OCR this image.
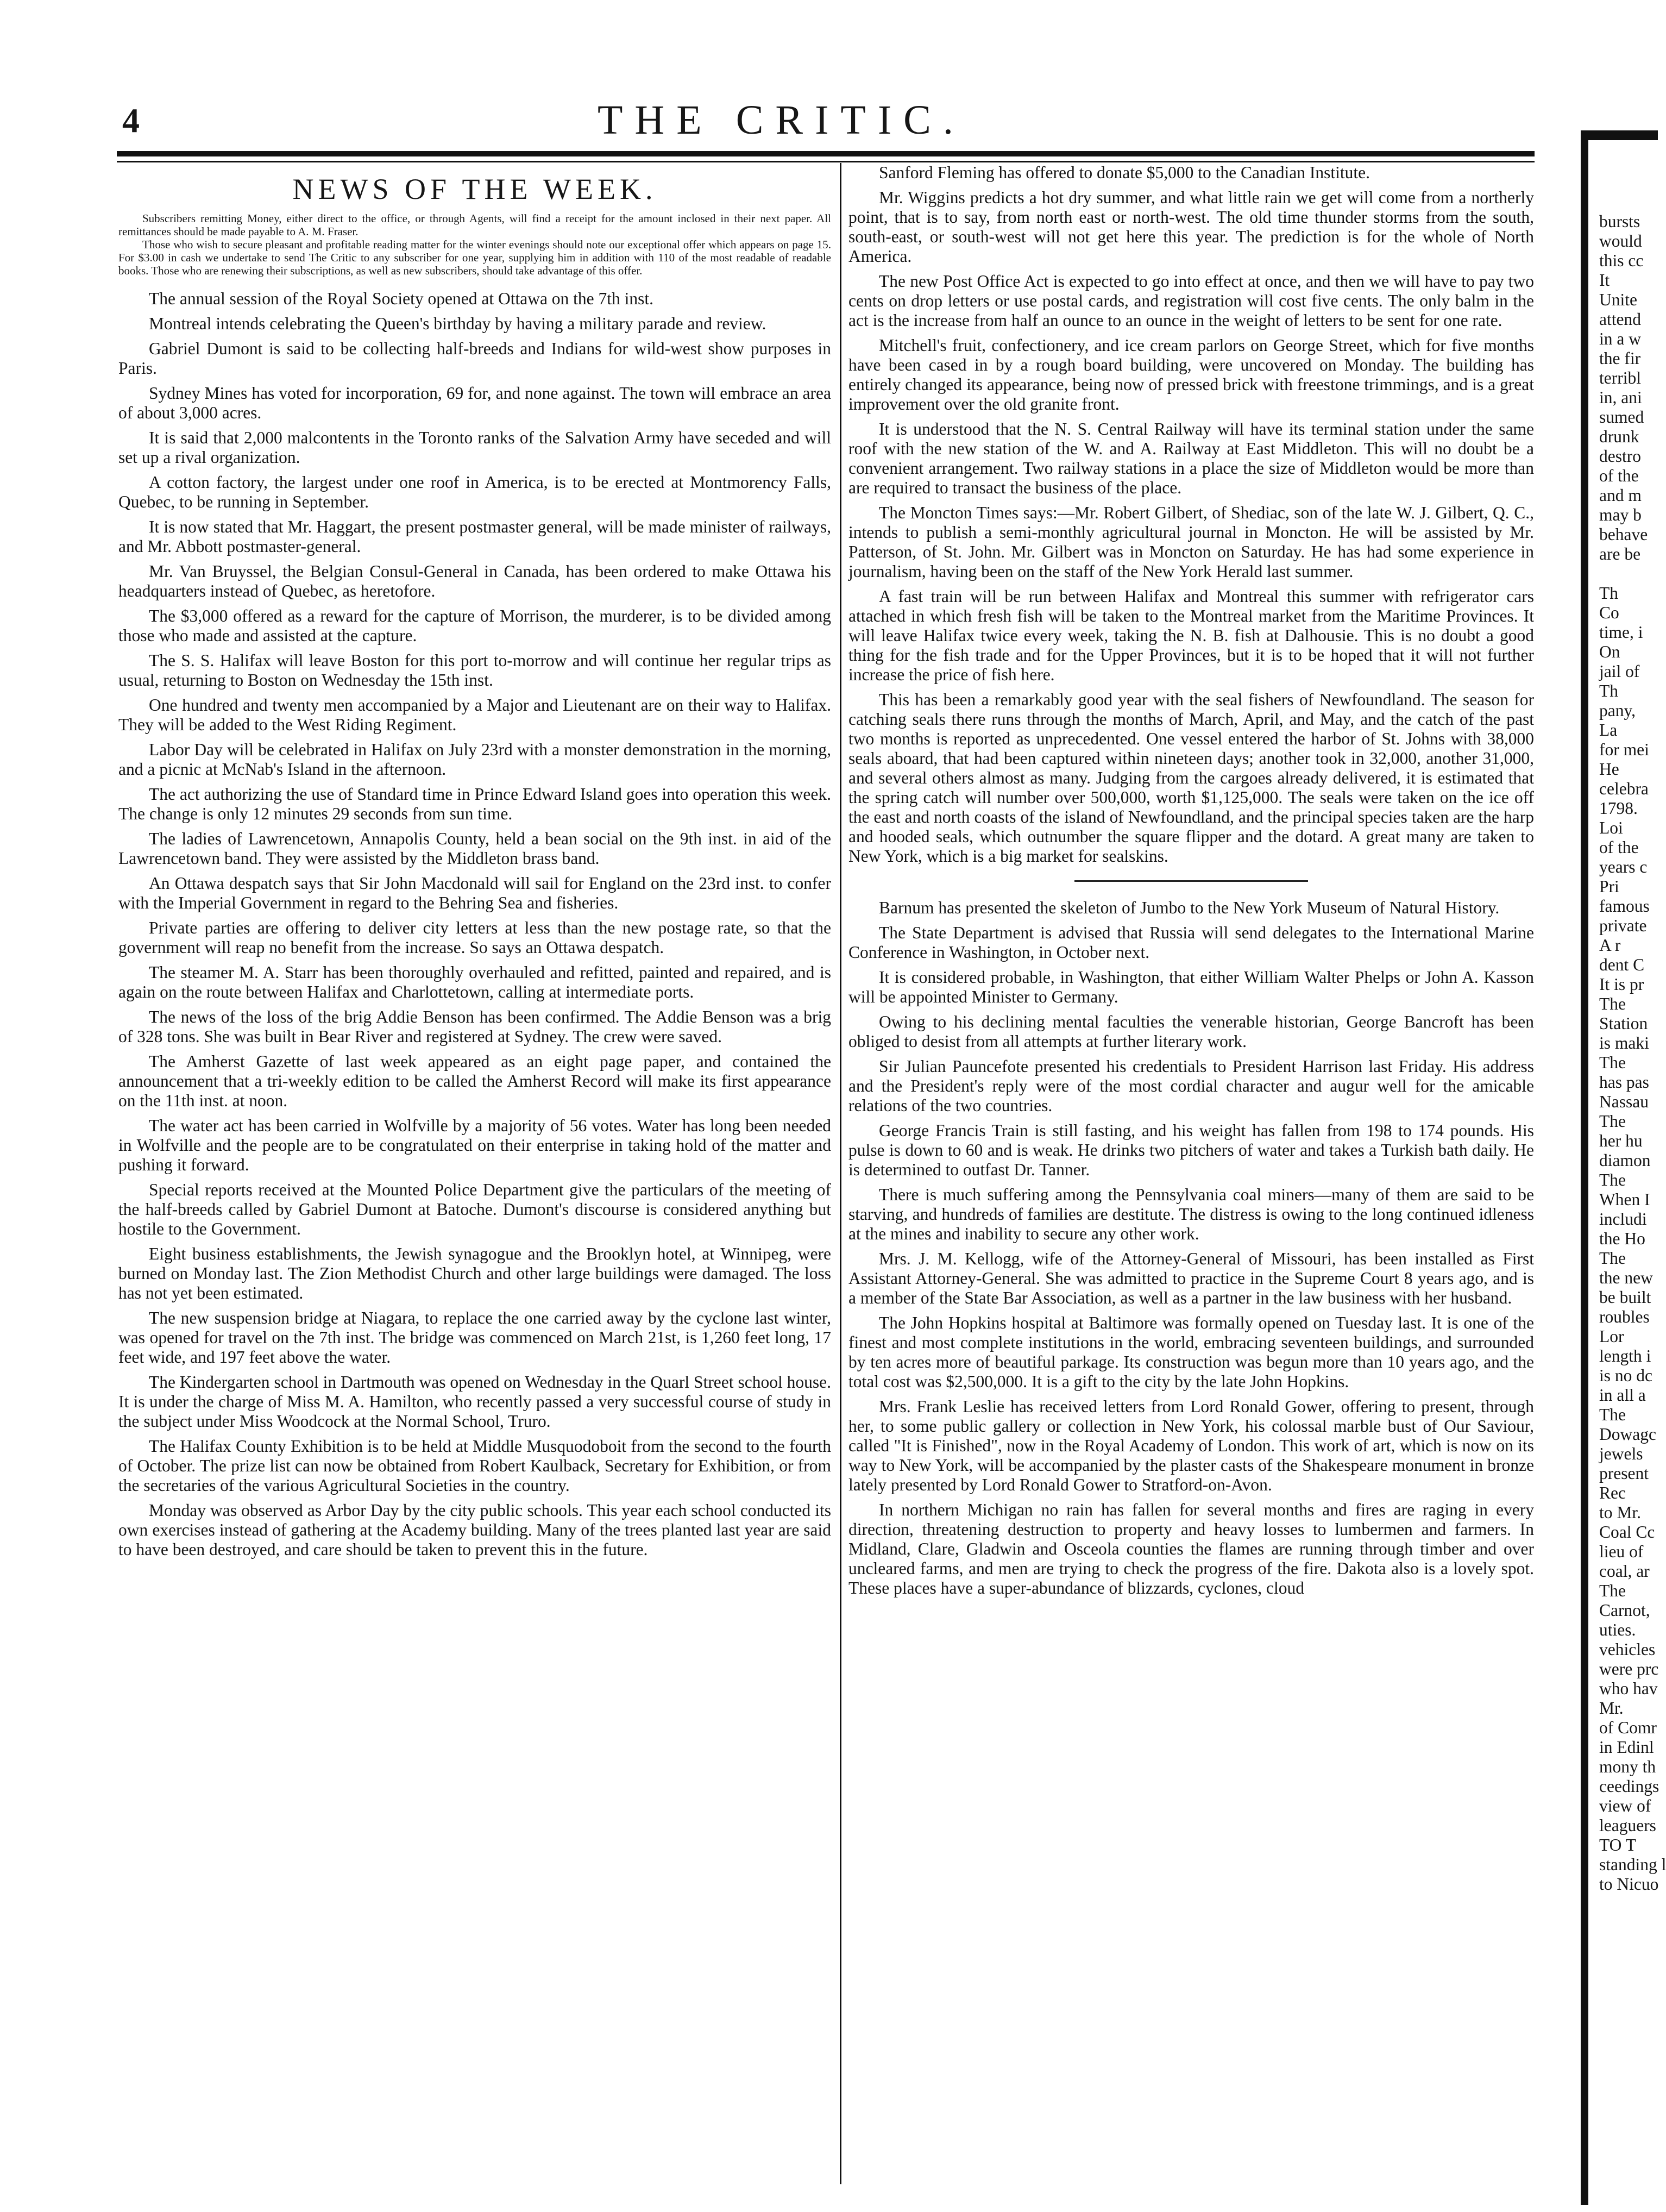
4	THE CRITIC.
NEWS OF THE WEEK.
Subscribers remitting Money, either direct to the office, or through Agents, will find a receipt for the amount inclosed in their next paper. All remittances should be made payable to A. M. Fraser.
Those who wish to secure pleasant and profitable reading matter for the winter evenings should note our exceptional offer which appears on page 15. For $3.00 in cash we undertake to send The Critic to any subscriber for one year, supplying him in addition with 110 of the most readable of readable books. Those who are renewing their subscriptions, as well as new subscribers, should take advantage of this offer.

The annual session of the Royal Society opened at Ottawa on the 7th inst.

Montreal intends celebrating the Queen's birthday by having a military parade and review.

Gabriel Dumont is said to be collecting half-breeds and Indians for wild-west show purposes in Paris.

Sydney Mines has voted for incorporation, 69 for, and none against. The town will embrace an area of about 3,000 acres.

It is said that 2,000 malcontents in the Toronto ranks of the Salvation Army have seceded and will set up a rival organization.

A cotton factory, the largest under one roof in America, is to be erected at Montmorency Falls, Quebec, to be running in September.

It is now stated that Mr. Haggart, the present postmaster general, will be made minister of railways, and Mr. Abbott postmaster-general.

Mr. Van Bruyssel, the Belgian Consul-General in Canada, has been ordered to make Ottawa his headquarters instead of Quebec, as heretofore.

The $3,000 offered as a reward for the capture of Morrison, the murderer, is to be divided among those who made and assisted at the capture.

The S. S. Halifax will leave Boston for this port to-morrow and will continue her regular trips as usual, returning to Boston on Wednesday the 15th inst.

One hundred and twenty men accompanied by a Major and Lieutenant are on their way to Halifax. They will be added to the West Riding Regiment.

Labor Day will be celebrated in Halifax on July 23rd with a monster demonstration in the morning, and a picnic at McNab's Island in the afternoon.

The act authorizing the use of Standard time in Prince Edward Island goes into operation this week. The change is only 12 minutes 29 seconds from sun time.

The ladies of Lawrencetown, Annapolis County, held a bean social on the 9th inst. in aid of the Lawrencetown band. They were assisted by the Middleton brass band.

An Ottawa despatch says that Sir John Macdonald will sail for England on the 23rd inst. to confer with the Imperial Government in regard to the Behring Sea and fisheries.

Private parties are offering to deliver city letters at less than the new postage rate, so that the government will reap no benefit from the increase. So says an Ottawa despatch.

The steamer M. A. Starr has been thoroughly overhauled and refitted, painted and repaired, and is again on the route between Halifax and Charlottetown, calling at intermediate ports.

The news of the loss of the brig Addie Benson has been confirmed. The Addie Benson was a brig of 328 tons. She was built in Bear River and registered at Sydney. The crew were saved.

The Amherst Gazette of last week appeared as an eight page paper, and contained the announcement that a tri-weekly edition to be called the Amherst Record will make its first appearance on the 11th inst. at noon.

The water act has been carried in Wolfville by a majority of 56 votes. Water has long been needed in Wolfville and the people are to be congratulated on their enterprise in taking hold of the matter and pushing it forward.

Special reports received at the Mounted Police Department give the particulars of the meeting of the half-breeds called by Gabriel Dumont at Batoche. Dumont's discourse is considered anything but hostile to the Government.

Eight business establishments, the Jewish synagogue and the Brooklyn hotel, at Winnipeg, were burned on Monday last. The Zion Methodist Church and other large buildings were damaged. The loss has not yet been estimated.

The new suspension bridge at Niagara, to replace the one carried away by the cyclone last winter, was opened for travel on the 7th inst. The bridge was commenced on March 21st, is 1,260 feet long, 17 feet wide, and 197 feet above the water.

The Kindergarten school in Dartmouth was opened on Wednesday in the Quarl Street school house. It is under the charge of Miss M. A. Hamilton, who recently passed a very successful course of study in the subject under Miss Woodcock at the Normal School, Truro.

The Halifax County Exhibition is to be held at Middle Musquodoboit from the second to the fourth of October. The prize list can now be obtained from Robert Kaulback, Secretary for Exhibition, or from the secretaries of the various Agricultural Societies in the country.

Monday was observed as Arbor Day by the city public schools. This year each school conducted its own exercises instead of gathering at the Academy building. Many of the trees planted last year are said to have been destroyed, and care should be taken to prevent this in the future.

Sanford Fleming has offered to donate $5,000 to the Canadian Institute.

Mr. Wiggins predicts a hot dry summer, and what little rain we get will come from a northerly point, that is to say, from north east or north-west. The old time thunder storms from the south, south-east, or south-west will not get here this year. The prediction is for the whole of North America.

The new Post Office Act is expected to go into effect at once, and then we will have to pay two cents on drop letters or use postal cards, and registration will cost five cents. The only balm in the act is the increase from half an ounce to an ounce in the weight of letters to be sent for one rate.

Mitchell's fruit, confectionery, and ice cream parlors on George Street, which for five months have been cased in by a rough board building, were uncovered on Monday. The building has entirely changed its appearance, being now of pressed brick with freestone trimmings, and is a great improvement over the old granite front.

It is understood that the N. S. Central Railway will have its terminal station under the same roof with the new station of the W. and A. Railway at East Middleton. This will no doubt be a convenient arrangement. Two railway stations in a place the size of Middleton would be more than are required to transact the business of the place.

The Moncton Times says:—Mr. Robert Gilbert, of Shediac, son of the late W. J. Gilbert, Q. C., intends to publish a semi-monthly agricultural journal in Moncton. He will be assisted by Mr. Patterson, of St. John. Mr. Gilbert was in Moncton on Saturday. He has had some experience in journalism, having been on the staff of the New York Herald last summer.

A fast train will be run between Halifax and Montreal this summer with refrigerator cars attached in which fresh fish will be taken to the Montreal market from the Maritime Provinces. It will leave Halifax twice every week, taking the N. B. fish at Dalhousie. This is no doubt a good thing for the fish trade and for the Upper Provinces, but it is to be hoped that it will not further increase the price of fish here.

This has been a remarkably good year with the seal fishers of Newfoundland. The season for catching seals there runs through the months of March, April, and May, and the catch of the past two months is reported as unprecedented. One vessel entered the harbor of St. Johns with 38,000 seals aboard, that had been captured within nineteen days; another took in 32,000, another 31,000, and several others almost as many. Judging from the cargoes already delivered, it is estimated that the spring catch will number over 500,000, worth $1,125,000. The seals were taken on the ice off the east and north coasts of the island of Newfoundland, and the principal species taken are the harp and hooded seals, which outnumber the square flipper and the dotard. A great many are taken to New York, which is a big market for sealskins.

Barnum has presented the skeleton of Jumbo to the New York Museum of Natural History.

The State Department is advised that Russia will send delegates to the International Marine Conference in Washington, in October next.

It is considered probable, in Washington, that either William Walter Phelps or John A. Kasson will be appointed Minister to Germany.

Owing to his declining mental faculties the venerable historian, George Bancroft has been obliged to desist from all attempts at further literary work.

Sir Julian Pauncefote presented his credentials to President Harrison last Friday. His address and the President's reply were of the most cordial character and augur well for the amicable relations of the two countries.

George Francis Train is still fasting, and his weight has fallen from 198 to 174 pounds. His pulse is down to 60 and is weak. He drinks two pitchers of water and takes a Turkish bath daily. He is determined to outfast Dr. Tanner.

There is much suffering among the Pennsylvania coal miners—many of them are said to be starving, and hundreds of families are destitute. The distress is owing to the long continued idleness at the mines and inability to secure any other work.

Mrs. J. M. Kellogg, wife of the Attorney-General of Missouri, has been installed as First Assistant Attorney-General. She was admitted to practice in the Supreme Court 8 years ago, and is a member of the State Bar Association, as well as a partner in the law business with her husband.

The John Hopkins hospital at Baltimore was formally opened on Tuesday last. It is one of the finest and most complete institutions in the world, embracing seventeen buildings, and surrounded by ten acres more of beautiful parkage. Its construction was begun more than 10 years ago, and the total cost was $2,500,000. It is a gift to the city by the late John Hopkins.

Mrs. Frank Leslie has received letters from Lord Ronald Gower, offering to present, through her, to some public gallery or collection in New York, his colossal marble bust of Our Saviour, called "It is Finished", now in the Royal Academy of London. This work of art, which is now on its way to New York, will be accompanied by the plaster casts of the Shakespeare monument in bronze lately presented by Lord Ronald Gower to Stratford-on-Avon.

In northern Michigan no rain has fallen for several months and fires are raging in every direction, threatening destruction to property and heavy losses to lumbermen and farmers. In Midland, Clare, Gladwin and Osceola counties the flames are running through timber and over uncleared farms, and men are trying to check the progress of the fire. Dakota also is a lovely spot. These places have a super-abundance of blizzards, cyclones, cloud

bursts
would
this cc
It
Unite
attend
in a w
the fir
terribl
in, ani
sumed
drunk
destro
of the
and m
may b
behave
are be
Th
Co
time, i
On
jail of
Th
pany,
La
for mei
He
celebra
1798.
Loi
of the
years c
Pri
famous
private
A r
dent C
It is pr
The
Station
is maki
The
has pas
Nassau
The
her hu
diamon
The
When I
includi
the Ho
The
the new
be built
roubles
Lor
length i
is no dc
in all a
The
Dowagc
jewels
present
Rec
to Mr.
Coal Cc
lieu of
coal, ar
The
Carnot,
uties.
vehicles
were prc
who hav
Mr.
of Comr
in Edinl
mony th
ceedings
view of
leaguers
TO T
standing l
to Nicuo
